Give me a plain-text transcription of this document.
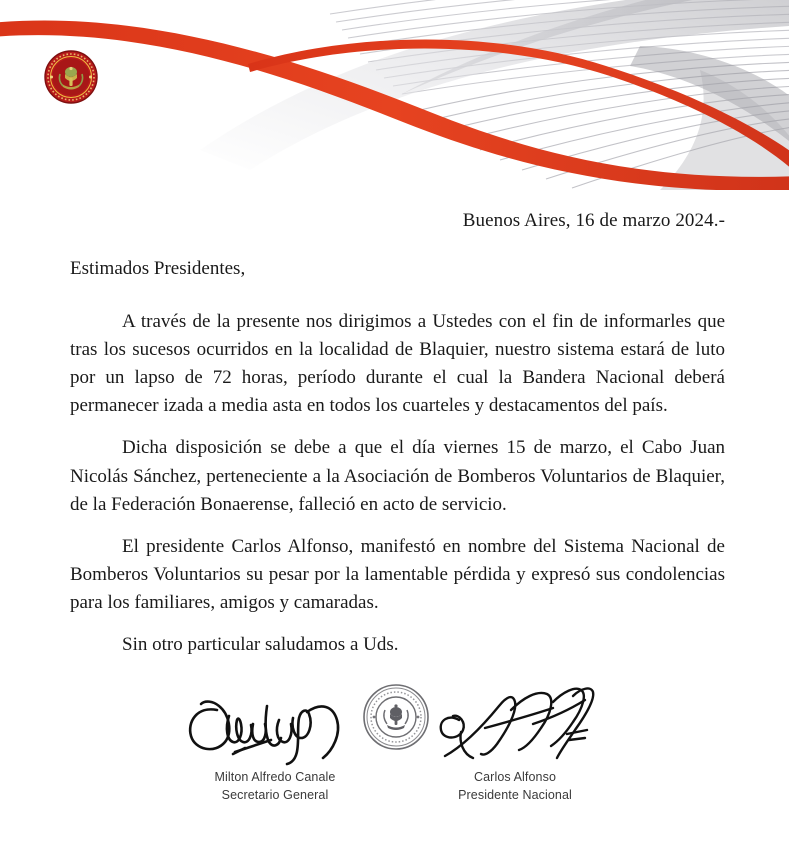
Buenos Aires, 16 de marzo 2024.-
Estimados Presidentes,

A través de la presente nos dirigimos a Ustedes con el fin de informarles que tras los sucesos ocurridos en la localidad de Blaquier, nuestro sistema estará de luto por un lapso de 72 horas, período durante el cual la Bandera Nacional deberá permanecer izada a media asta en todos los cuarteles y destacamentos del país.

Dicha disposición se debe a que el día viernes 15 de marzo, el Cabo Juan Nicolás Sánchez, perteneciente a la Asociación de Bomberos Voluntarios de Blaquier, de la Federación Bonaerense, falleció en acto de servicio.

El presidente Carlos Alfonso, manifestó en nombre del Sistema Nacional de Bomberos Voluntarios su pesar por la lamentable pérdida y expresó sus condolencias para los familiares, amigos y camaradas.

Sin otro particular saludamos a Uds.

Milton Alfredo Canale
Secretario General
Carlos Alfonso
Presidente Nacional
